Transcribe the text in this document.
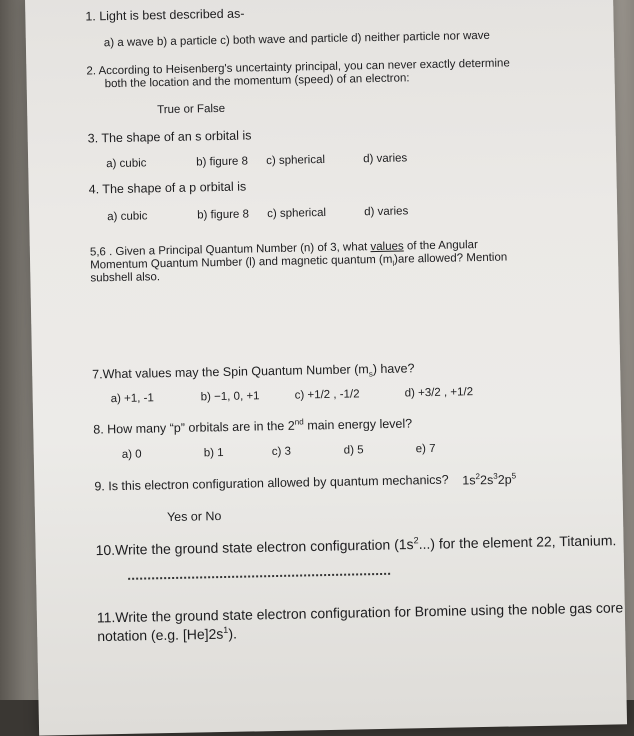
1. Light is best described as-
a) a wave b) a particle c) both wave and particle d) neither particle nor wave
2. According to Heisenberg's uncertainty principal, you can never exactly determine
both the location and the momentum (speed) of an electron:
True or False
3. The shape of an s orbital is
a) cubic	b) figure 8 c) spherical	d) varies
4. The shape of a p orbital is
a) cubic	b) figure 8 c) spherical	d) varies
5,6 . Given a Principal Quantum Number (n) of 3, what values of the Angular
Momentum Quantum Number (l) and magnetic quantum $(m_l)are$ allowed? Mention
subshell also.
7.What values may the Spin Quantum Number $(m_s)$ have?
a) +1, -1	b) −1, 0, +1	c) +1/2 , -1/2	d) +3/2 , +1/2
8. How many “p” orbitals are in the 2nd main energy level?
a) 0	b) 1	c) 3	d) 5	e) 7
9. Is this electron configuration allowed by quantum mechanics? $1s^22s^32p^5$
Yes or No
10.Write the ground state electron configuration $(1s^2...)$ for the element 22, Titanium.
11.Write the ground state electron configuration for Bromine using the noble gas core
notation (e.g. $[He]2s^1$).
